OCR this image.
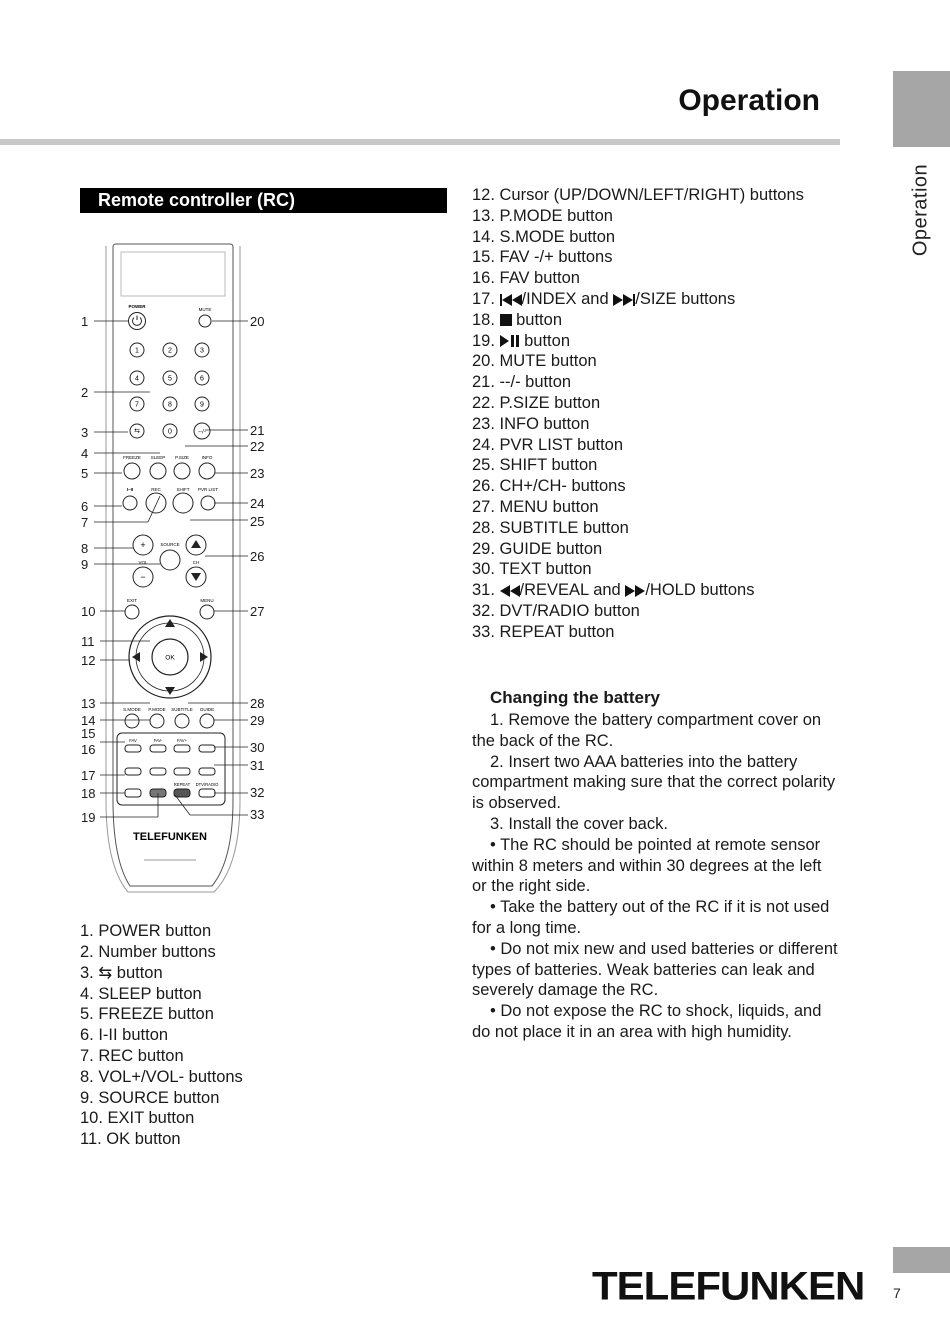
Operation
Operation
Remote controller (RC)
POWER
MUTE
1	2	3
4	5	6
7	8	9
⇆	0	--/-
FREEZE SLEEP P.SIZE	INFO
I–II	REC	SHIFT PVR LIST
+
−
VOL
SOURCE
CH
EXIT	MENU
OK
S.MODE P.MODE SUBTITLE GUIDE
FAV	FAV-	FAV+
REPEAT DTV/RADIO
TELEFUNKEN
1
2
3
4
5
6
7
8
9
10
11
12
13
14
15
16
17
18
19
20
21
22
23
24
25
26
27
28
29
30
31
32
33
1. POWER button
2. Number buttons
3. ⇆ button
4. SLEEP button
5. FREEZE button
6. I-II button
7. REC button
8. VOL+/VOL- buttons
9. SOURCE button
10. EXIT button
11. OK button
12. Cursor (UP/DOWN/LEFT/RIGHT) buttons
13. P.MODE button
14. S.MODE button
15. FAV -/+ buttons
16. FAV button
17. /INDEX and /SIZE buttons
18. button
19. button
20. MUTE button
21. --/- button
22. P.SIZE button
23. INFO button
24. PVR LIST button
25. SHIFT button
26. CH+/CH- buttons
27. MENU button
28. SUBTITLE button
29. GUIDE button
30. TEXT button
31. /REVEAL and /HOLD buttons
32. DVT/RADIO button
33. REPEAT button
Changing the battery

1. Remove the battery compartment cover on the back of the RC.

2. Insert two AAA batteries into the battery compartment making sure that the correct polarity is observed.

3. Install the cover back.

• The RC should be pointed at remote sensor within 8 meters and within 30 degrees at the left or the right side.

• Take the battery out of the RC if it is not used for a long time.

• Do not mix new and used batteries or different types of batteries. Weak batteries can leak and severely damage the RC.

• Do not expose the RC to shock, liquids, and do not place it in an area with high humidity.

TELEFUNKEN 7
